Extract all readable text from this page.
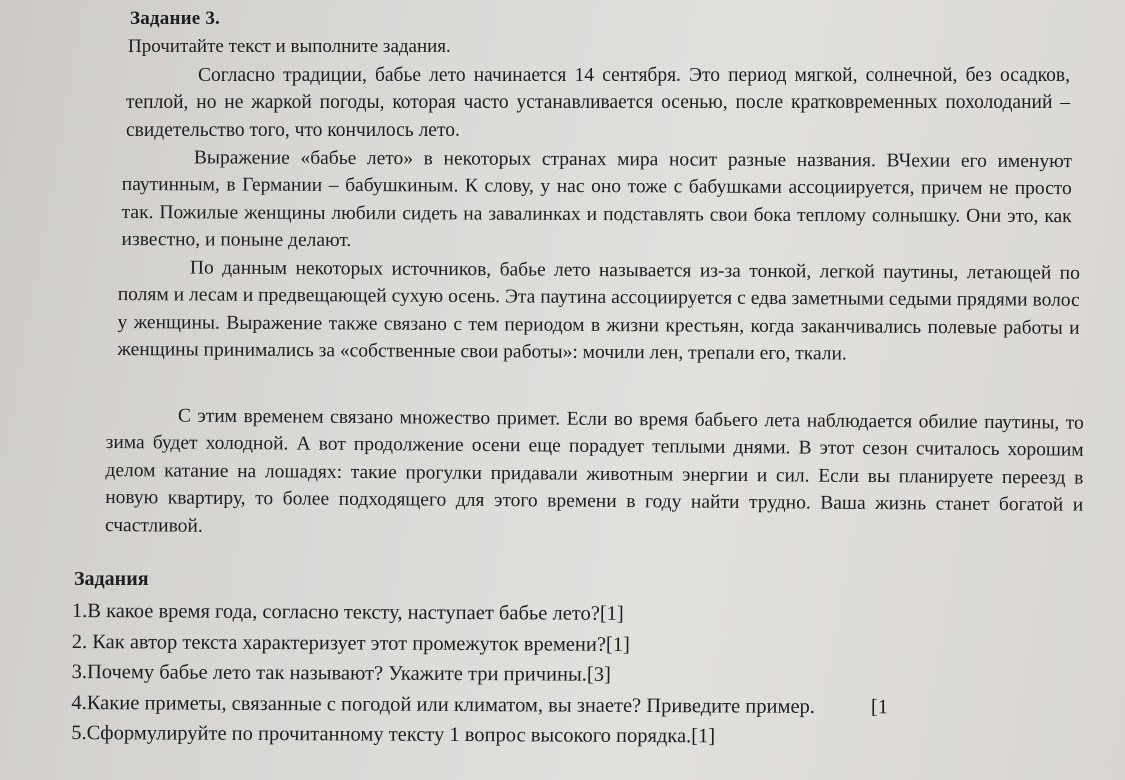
Задание 3.
Прочитайте текст и выполните задания.

Согласно традиции, бабье лето начинается 14 сентября. Это период мягкой, солнечной, без осадков, теплой, но не жаркой погоды, которая часто устанавливается осенью, после кратковременных похолоданий – свидетельство того, что кончилось лето.

Выражение «бабье лето» в некоторых странах мира носит разные названия. ВЧехии его именуют паутинным, в Германии – бабушкиным. К слову, у нас оно тоже с бабушками ассоциируется, причем не просто так. Пожилые женщины любили сидеть на завалинках и подставлять свои бока теплому солнышку. Они это, как известно, и поныне делают.

По данным некоторых источников, бабье лето называется из-за тонкой, легкой паутины, летающей по полям и лесам и предвещающей сухую осень. Эта паутина ассоциируется с едва заметными седыми прядями волос у женщины. Выражение также связано с тем периодом в жизни крестьян, когда заканчивались полевые работы и женщины принимались за «собственные свои работы»: мочили лен, трепали его, ткали.

С этим временем связано множество примет. Если во время бабьего лета наблюдается обилие паутины, то зима будет холодной. А вот продолжение осени еще порадует теплыми днями. В этот сезон считалось хорошим делом катание на лошадях: такие прогулки придавали животным энергии и сил. Если вы планируете переезд в новую квартиру, то более подходящего для этого времени в году найти трудно. Ваша жизнь станет богатой и счастливой.

Задания
1.В какое время года, согласно тексту, наступает бабье лето?[1]
2. Как автор текста характеризует этот промежуток времени?[1]
3.Почему бабье лето так называют? Укажите три причины.[3]
4.Какие приметы, связанные с погодой или климатом, вы знаете? Приведите пример.	[1
5.Сформулируйте по прочитанному тексту 1 вопрос высокого порядка.[1]
